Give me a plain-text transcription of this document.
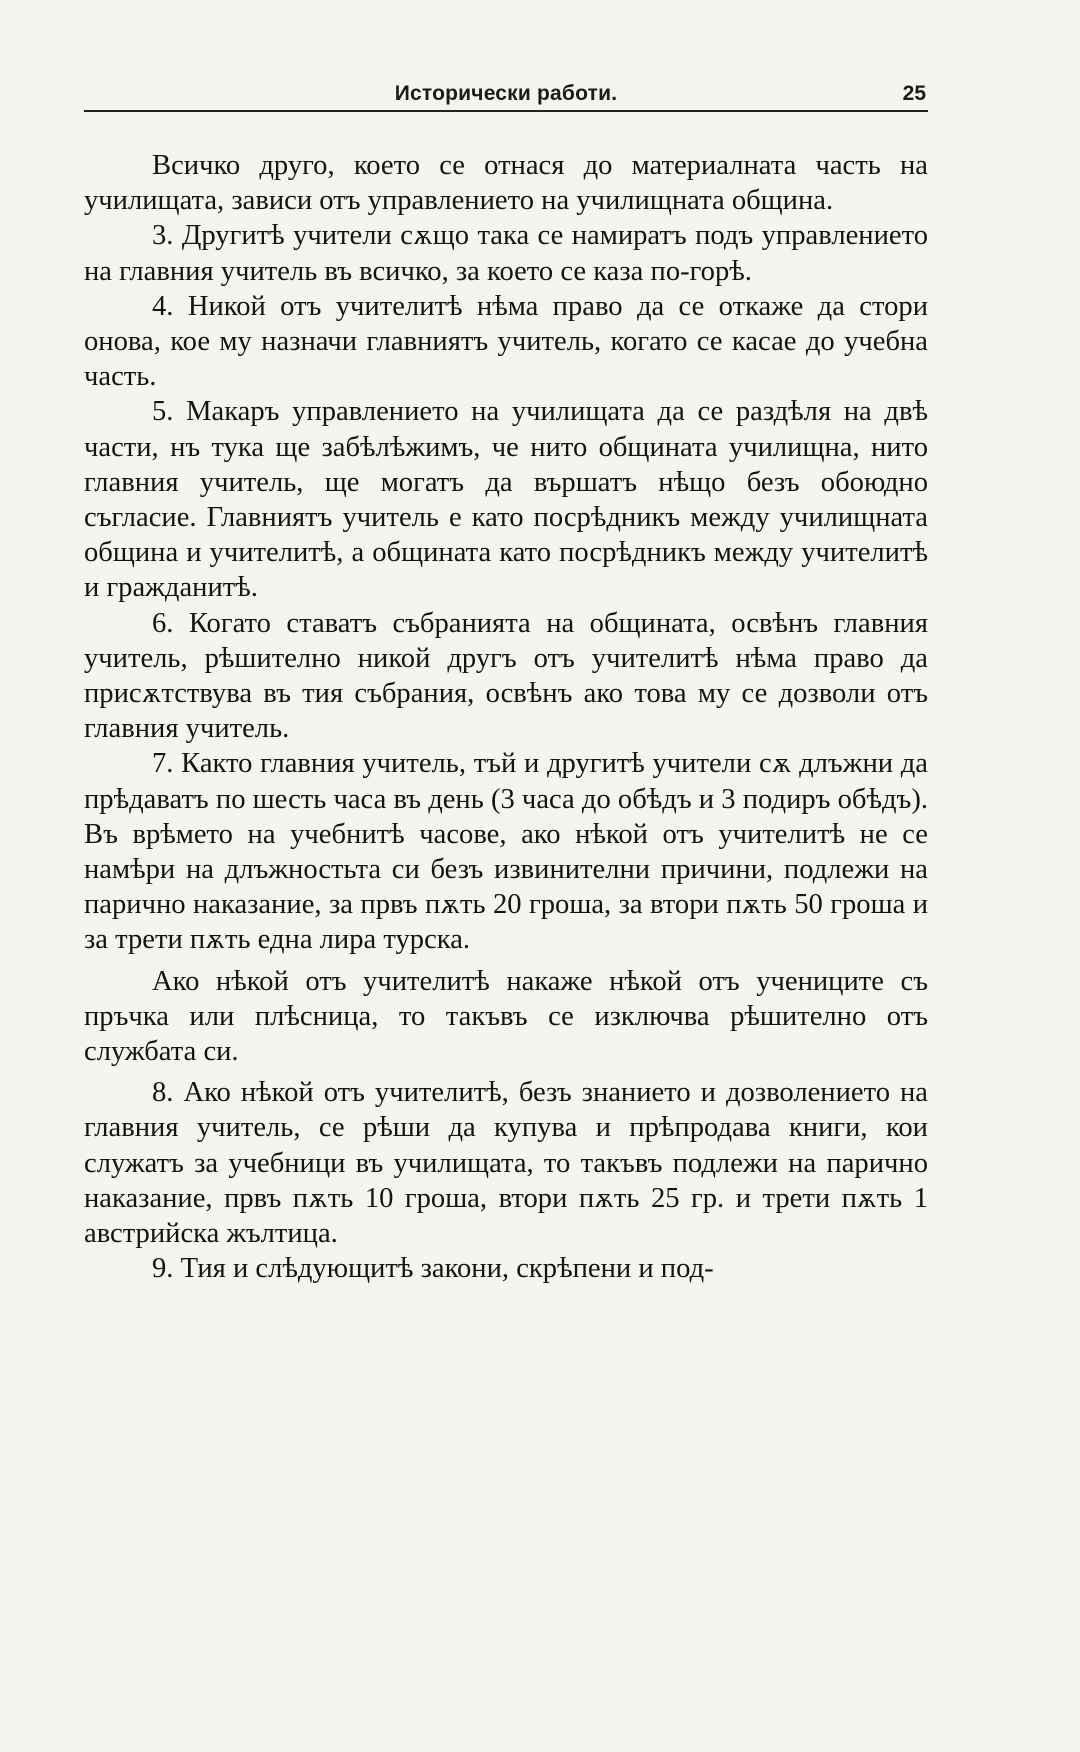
Исторически работи.	25

Всичко друго, което се отнася до материалната часть на училищата, зависи отъ управлението на училищната община.

3. Другитѣ учители сѫщо така се намиратъ подъ управлението на главния учитель въ всичко, за което се каза по-горѣ.

4. Никой отъ учителитѣ нѣма право да се откаже да стори онова, кое му назначи главниятъ учитель, когато се касае до учебна часть.

5. Макаръ управлението на училищата да се раздѣля на двѣ части, нъ тука ще забѣлѣжимъ, че нито общината училищна, нито главния учитель, ще могатъ да вършатъ нѣщо безъ обоюдно съгласие. Главниятъ учитель е като посрѣдникъ между училищната община и учителитѣ, а общината като посрѣдникъ между учителитѣ и гражданитѣ.

6. Когато ставатъ събранията на общината, освѣнъ главния учитель, рѣшително никой другъ отъ учителитѣ нѣма право да присѫтствува въ тия събрания, освѣнъ ако това му се дозволи отъ главния учитель.

7. Както главния учитель, тъй и другитѣ учители сѫ длъжни да прѣдаватъ по шесть часа въ день (3 часа до обѣдъ и 3 подиръ обѣдъ). Въ врѣмето на учебнитѣ часове, ако нѣкой отъ учителитѣ не се намѣри на длъжностьта си безъ извинителни причини, подлежи на парично наказание, за првъ пѫть 20 гроша, за втори пѫть 50 гроша и за трети пѫть една лира турска.

Ако нѣкой отъ учителитѣ накаже нѣкой отъ учениците съ пръчка или плѣсница, то такъвъ се изключва рѣшително отъ службата си.

8. Ако нѣкой отъ учителитѣ, безъ знанието и дозволението на главния учитель, се рѣши да купува и прѣпродава книги, кои служатъ за учебници въ училищата, то такъвъ подлежи на парично наказание, првъ пѫть 10 гроша, втори пѫть 25 гр. и трети пѫть 1 австрийска жълтица.

9. Тия и слѣдующитѣ закони, скрѣпени и под-
